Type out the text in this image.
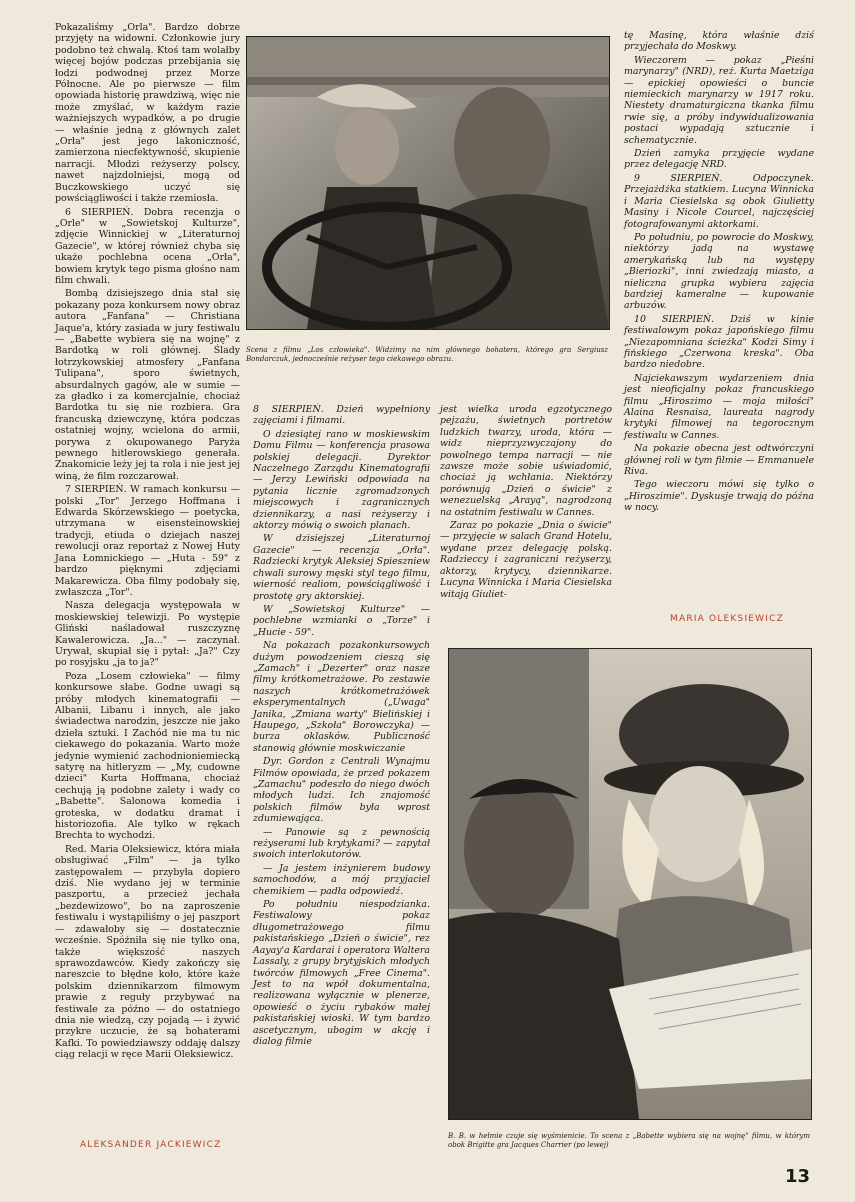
Pokazaliśmy „Orla". Bardzo dobrze przyjęty na widowni. Członkowie jury podobno też chwalą. Ktoś tam wolałby więcej bojów podczas przebijania się łodzi podwodnej przez Morze Północne. Ale po pierwsze — film opowiada historię prawdziwą, więc nie może zmyślać, w każdym razie ważniejszych wypadków, a po drugie — właśnie jedną z głównych zalet „Orła" jest jego lakoniczność, zamierzona niecfektywność, skupienie narracji. Młodzi reżyserzy polscy, nawet najzdolniejsi, mogą od Buczkowskiego uczyć się powściągliwości i także rzemiosła.

6 SIERPIEŃ. Dobra recenzja o „Orle" w „Sowietskoj Kulturze", zdjęcie Winnickiej w „Literaturnoj Gazecie", w której również chyba się ukaże pochlebna ocena „Orła", bowiem krytyk tego pisma głośno nam film chwali.

Bombą dzisiejszego dnia stał się pokazany poza konkursem nowy obraz autora „Fanfana" — Christiana Jaque'a, który zasiada w jury festiwalu — „Babette wybiera się na wojnę" z Bardotką w roli głównej. Ślady łotrzykowskiej atmosfery „Fanfana Tulipana", sporo świetnych, absurdalnych gagów, ale w sumie — za gładko i za komercjalnie, chociaż Bardotka tu się nie rozbiera. Gra francuską dziewczynę, która podczas ostatniej wojny, wcielona do armii, porywa z okupowanego Paryża pewnego hitlerowskiego generała. Znakomicie leży jej ta rola i nie jest jej winą, że film rozczarował.

7 SIERPIEŃ. W ramach konkursu — polski „Tor" Jerzego Hoffmana i Edwarda Skórzewskiego — poetycka, utrzymana w eisensteinowskiej tradycji, etiuda o dziejach naszej rewolucji oraz reportaż z Nowej Huty Jana Łomnickiego — „Huta - 59" z bardzo pięknymi zdjęciami Makarewicza. Oba filmy podobały się, zwłaszcza „Tor".

Nasza delegacja występowała w moskiewskiej telewizji. Po występie Gliński naśladował ruszczyznę Kawalerowicza. „Ja..." — zaczynał. Urywał, skupiał się i pytał: „Ja?" Czy po rosyjsku „ja to ja?"

Poza „Losem człowieka" — filmy konkursowe słabe. Godne uwagi są próby młodych kinematografii — Albanii, Libanu i innych, ale jako świadectwa narodzin, jeszcze nie jako dzieła sztuki. I Zachód nie ma tu nic ciekawego do pokazania. Warto może jedynie wymienić zachodnioniemiecką satyrę na hitleryzm — „My, cudowne dzieci" Kurta Hoffmana, chociaż cechują ją podobne zalety i wady co „Babette". Salonowa komedia i groteska, w dodatku dramat i historiozofia. Ale tylko w rękach Brechta to wychodzi.

Red. Maria Oleksiewicz, która miała obsługiwać „Film" — ja tylko zastępowałem — przybyła dopiero dziś. Nie wydano jej w terminie paszportu, a przecież jechała „bezdewizowo", bo na zaproszenie festiwalu i wystąpiliśmy o jej paszport — zdawałoby się — dostatecznie wcześnie. Spóźniła się nie tylko ona, także większość naszych sprawozdawców. Kiedy zakończy się nareszcie to błędne koło, które każe polskim dziennikarzom filmowym prawie z reguły przybywać na festiwale za późno — do ostatniego dnia nie wiedzą, czy pojadą — i żywić przykre uczucie, że są bohaterami Kafki. To powiedziawszy oddaję dalszy ciąg relacji w ręce Marii Oleksiewicz.

ALEKSANDER JACKIEWICZ
Scena z filmu „Los człowieka". Widzimy na nim głównego bohatera, którego gra Sergiusz Bondarczuk, jednocześnie reżyser tego ciekawego obrazu.

8 SIERPIEŃ. Dzień wypełniony zajęciami i filmami.

O dziesiątej rano w moskiewskim Domu Filmu — konferencja prasowa polskiej delegacji. Dyrektor Naczelnego Zarządu Kinematografii — Jerzy Lewiński odpowiada na pytania licznie zgromadzonych miejscowych i zagranicznych dziennikarzy, a nasi reżyserzy i aktorzy mówią o swoich planach.

W dzisiejszej „Literaturnoj Gazecie" — recenzja „Orła". Radziecki krytyk Aleksiej Spieszniew chwali surowy męski styl tego filmu, wierność realiom, powściągliwość i prostotę gry aktorskiej.

W „Sowietskoj Kulturze" — pochlebne wzmianki o „Torze" i „Hucie - 59".

Na pokazach pozakonkursowych dużym powodzeniem cieszą się „Zamach" i „Dezerter" oraz nasze filmy krótkometrażowe. Po zestawie naszych krótkometrażówek eksperymentalnych („Uwaga" Janika, „Zmiana warty" Bielińskiej i Haupego, „Szkoła" Borowczyka) — burza oklasków. Publiczność stanowią głównie moskwiczanie

Dyr. Gordon z Centrali Wynajmu Filmów opowiada, że przed pokazem „Zamachu" podeszło do niego dwóch młodych ludzi. Ich znajomość polskich filmów była wprost zdumiewająca.

— Panowie są z pewnością reżyserami lub krytykami? — zapytał swoich interlokutorów.

— Ja jestem inżynierem budowy samochodów, a mój przyjaciel chemikiem — padła odpowiedź.

Po południu niespodzianka. Festiwalowy pokaz długometrażowego filmu pakistańskiego „Dzień o świcie", rez Aayay'a Kardarai i operatora Waltera Lassaly, z grupy brytyjskich młodych twórców filmowych „Free Cinema". Jest to na wpół dokumentalna, realizowana wyłącznie w plenerze, opowieść o życiu rybaków małej pakistańskiej wioski. W tym bardzo ascetycznym, ubogim w akcję i dialog filmie

jest wielka uroda egzotycznego pejzażu, świetnych portretów ludzkich twarzy, uroda, która — widz nieprzyzwyczajony do powolnego tempa narracji — nie zawsze może sobie uświadomić, chociaż ją wchłania. Niektórzy porównują „Dzień o świcie" z wenezuelską „Arayą", nagrodzoną na ostatnim festiwalu w Cannes.

Zaraz po pokazie „Dnia o świcie" — przyjęcie w salach Grand Hotelu, wydane przez delegację polską. Radzieccy i zagraniczni reżyserzy, aktorzy, krytycy, dziennikarze. Lucyna Winnicka i Maria Ciesielska witają Giuliet-

tę Masinę, która właśnie dziś przyjechała do Moskwy.

Wieczorem — pokaz „Pieśni marynarzy" (NRD), reż. Kurta Maetziga — epickiej opowieści o buncie niemieckich marynarzy w 1917 roku. Niestety dramaturgiczna tkanka filmu rwie się, a próby indywidualizowania postaci wypadają sztucznie i schematycznie.

Dzień zamyka przyjęcie wydane przez delegację NRD.

9 SIERPIEŃ. Odpoczynek. Przejażdżka statkiem. Lucyna Winnicka i Maria Ciesielska są obok Giulietty Masiny i Nicole Courcel, najczęściej fotografowanymi aktorkami.

Po południu, po powrocie do Moskwy, niektórzy jadą na wystawę amerykańską lub na występy „Bieriozki", inni zwiedzają miasto, a nieliczna grupka wybiera zajęcia bardziej kameralne — kupowanie arbuzów.

10 SIERPIEŃ. Dziś w kinie festiwalowym pokaz japońskiego filmu „Niezapomniana ścieżka" Kodzi Simy i fińskiego „Czerwona kreska". Oba bardzo niedobre.

Najciekawszym wydarzeniem dnia jest nieoficjalny pokaz francuskiego filmu „Hiroszimo — moja miłości" Alaina Resnaisa, laureata nagrody krytyki filmowej na tegorocznym festiwalu w Cannes.

Na pokazie obecna jest odtwórczyni głównej roli w tym filmie — Emmanuele Riva.

Tego wieczoru mówi się tylko o „Hiroszimie". Dyskusje trwają do późna w nocy.

MARIA OLEKSIEWICZ
B. B. w hełmie czuje się wyśmienicie. To scena z „Babette wybiera się na wojnę" filmu, w którym obok Brigitte gra Jacques Charrier (po lewej)
13
